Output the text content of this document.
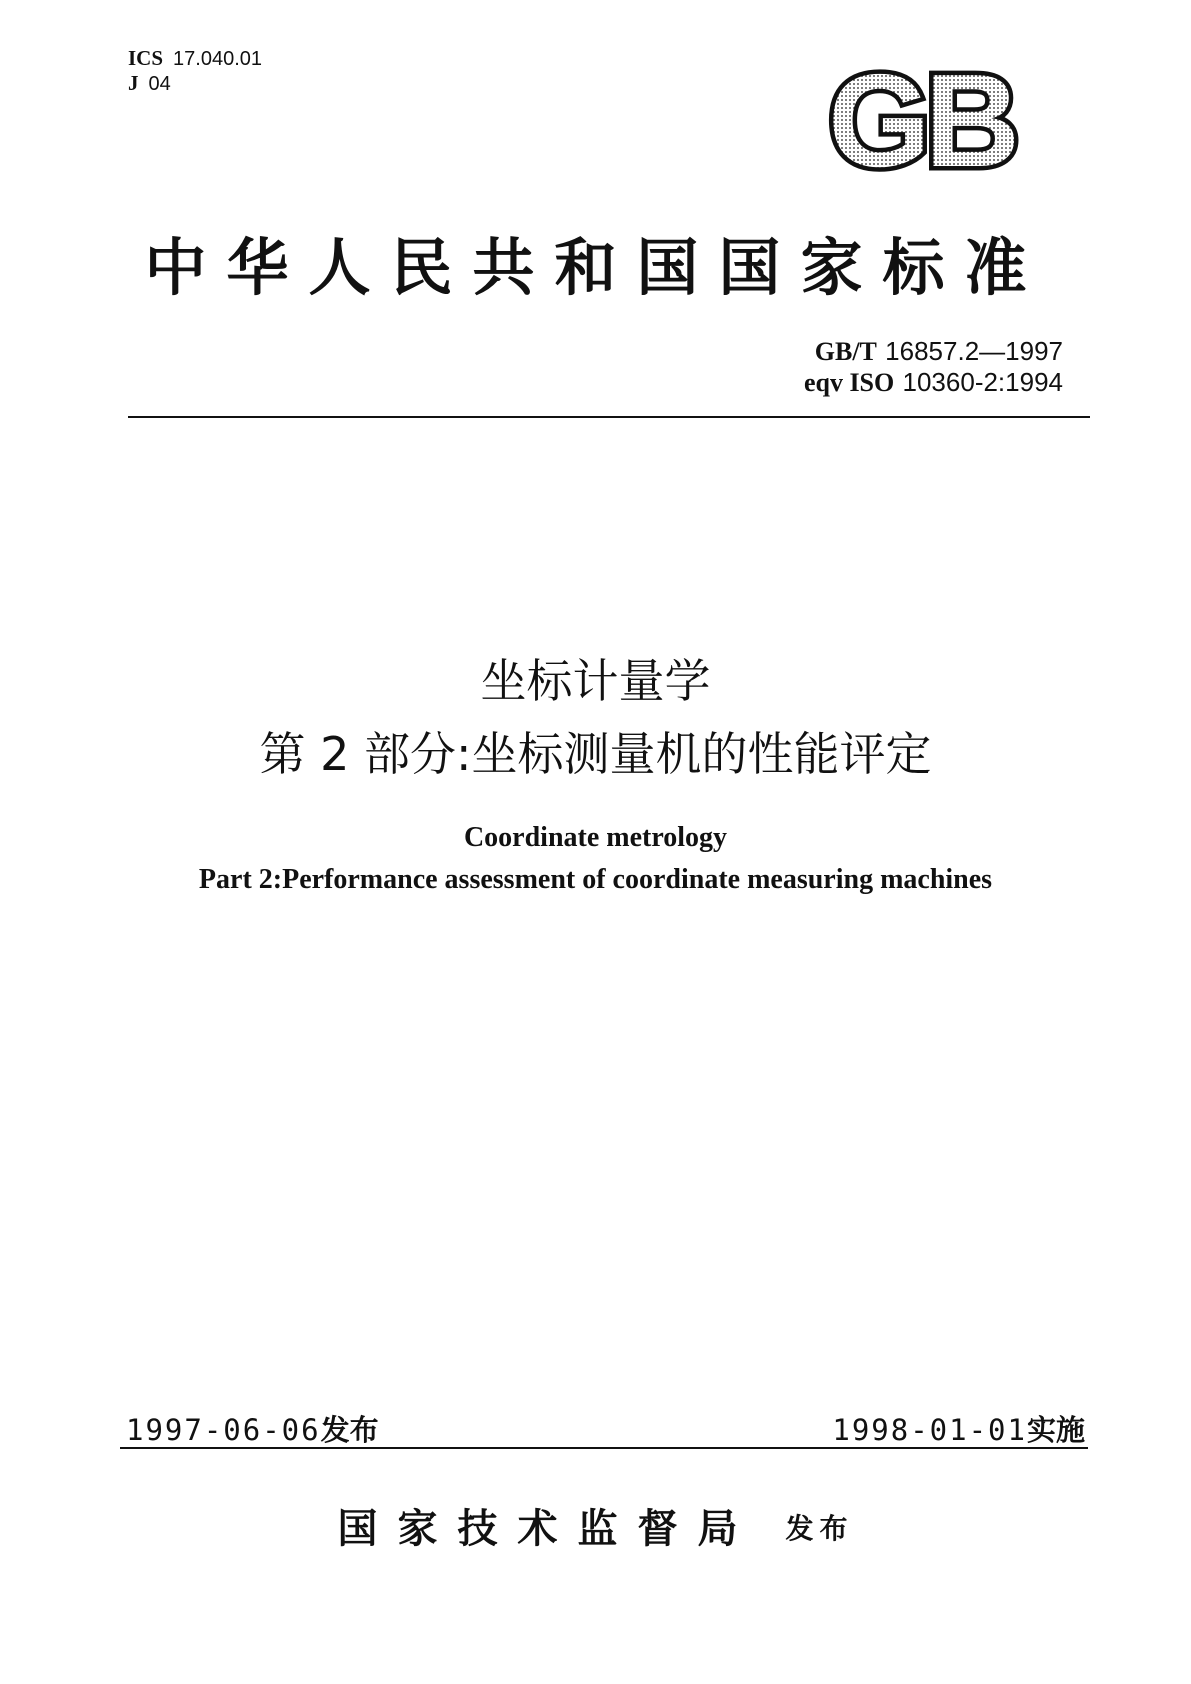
ICS 17.040.01
J 04	GB
中华人民共和国国家标准
GB/T 16857.2—1997
eqv ISO 10360-2:1994
坐标计量学
第 2 部分:坐标测量机的性能评定
Coordinate metrology
Part 2:Performance assessment of coordinate measuring machines
1997-06-06发布	1998-01-01实施
国家技术监督局 发布
